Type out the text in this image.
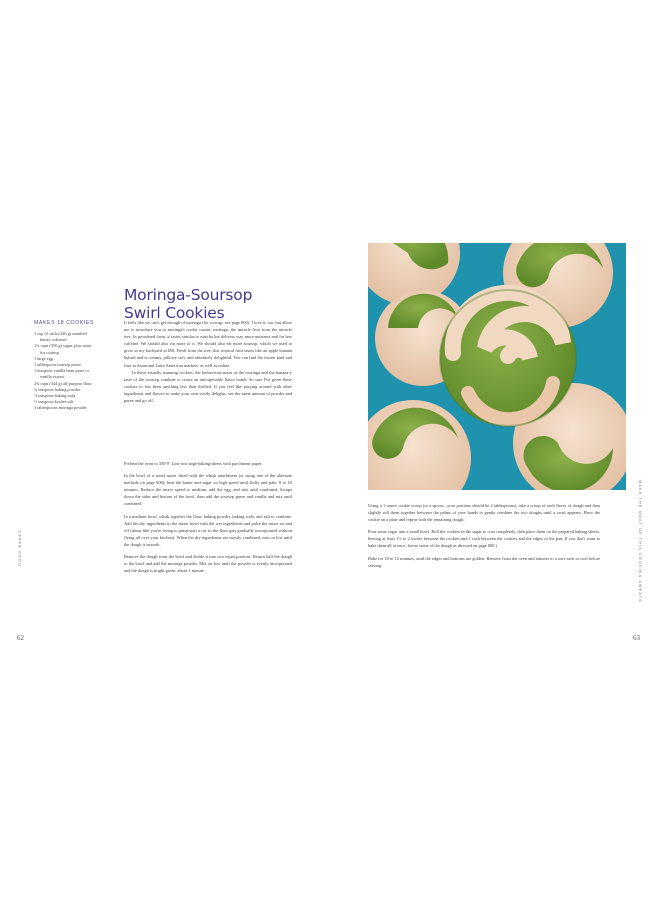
Moringa-Soursop
Swirl Cookies
MAKES 18 COOKIES
1 cup (2 sticks/226 g) unsalted
butter, softened
1¾ cups (350 g) sugar, plus more
for coating
1 large egg
1 tablespoon soursop puree
1 teaspoon vanilla bean paste or
vanilla extract
2¾ cups (344 g) all-purpose flour
¾ teaspoon baking powder
½ teaspoon baking soda
½ teaspoon kosher salt
3 tablespoons moringa powder

It feels like we can't get enough of moringa (for a recap, see page 000). I love it, too, but allow me to introduce you to moringa's cooler cousin, moringa, the miracle fruit from the miracle tree. In powdered form, it tastes similar to matcha but delivers way more nutrients and far less caffeine. We should also eat more of it. We should also eat more soursop, which we used to grow in my backyard in DR. Fresh from the tree, this tropical fruit tastes like an apple-banana hybrid and is creamy, pillowy soft, and absolutely delightful. You can find the frozen kind and fruit at Asian and Latin American markets, as well as online.

In these visually stunning cookies, the herbaceous notes of the moringa and the banana-y taste of the soursop combine to create an unforgettable flavor bomb. So sure I've given these cookies to lots been anything less than thrilled. If you feel like playing around with other ingredients and flavors to make your own swirly delights, see the same amount of powder and puree and go off.

Preheat the oven to 350°F. Line two large baking sheets with parchment paper.

In the bowl of a stand mixer fitted with the whisk attachment (or using one of the alternate methods on page 000), beat the butter and sugar on high speed until fluffy and pale, 8 to 10 minutes. Reduce the mixer speed to medium, add the egg, and mix until combined. Scrape down the sides and bottom of the bowl, then add the soursop puree and vanilla and mix until combined.

In a medium bowl, whisk together the flour, baking powder, baking soda, and salt to combine. Add the dry ingredients to the mixer bowl with the wet ingredients and pulse the mixer on and off (about like you're trying to jump-start a car so the flour gets gradually incorporated without flying all over your kitchen). When the dry ingredients are mostly combined, mix on low until the dough is smooth.

Remove the dough from the bowl and divide it into two equal portions. Return half the dough to the bowl and add the moringa powder. Mix on low until the powder is evenly incorporated and the dough is bright green, about 1 minute.

Using a 1-ounce cookie scoop (or a spoon—your portions should be 2 tablespoons), take a scoop of each flavor of dough and then slightly roll them together between the palms of your hands to gently combine the two doughs until a swirl appears. Place the cookie on a plate and repeat with the remaining dough.

Pour some sugar into a small bowl. Roll the cookies in the sugar to coat completely, then place them on the prepared baking sheets, leaving at least 1½ to 2 inches between the cookies and 1 inch between the cookies and the edges of the pan. If you don't want to bake them all at once, freeze some of the dough as directed on page 000.)

Bake for 10 to 12 minutes, until the edges and bottoms are golden. Remove from the oven and transfer to a wire rack to cool before serving.

GOOD BAKES	MAKE THE MOST OF THIS COOKIES SWEATS
62	63
